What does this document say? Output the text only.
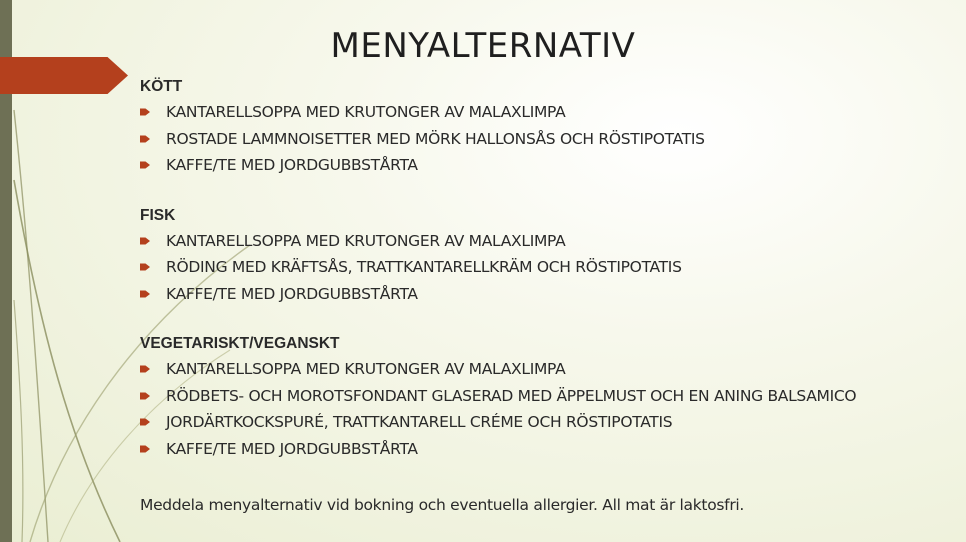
MENYALTERNATIV
KÖTT
KANTARELLSOPPA MED KRUTONGER AV MALAXLIMPA
ROSTADE LAMMNOISETTER MED MÖRK HALLONSÅS OCH RÖSTIPOTATIS
KAFFE/TE MED JORDGUBBSTÅRTA
FISK
KANTARELLSOPPA MED KRUTONGER AV MALAXLIMPA
RÖDING MED KRÄFTSÅS, TRATTKANTARELLKRÄM OCH RÖSTIPOTATIS
KAFFE/TE MED JORDGUBBSTÅRTA
VEGETARISKT/VEGANSKT
KANTARELLSOPPA MED KRUTONGER AV MALAXLIMPA
RÖDBETS- OCH MOROTSFONDANT GLASERAD MED ÄPPELMUST OCH EN ANING BALSAMICO
JORDÄRTKOCKSPURÉ, TRATTKANTARELL CRÉME OCH RÖSTIPOTATIS
KAFFE/TE MED JORDGUBBSTÅRTA
Meddela menyalternativ vid bokning och eventuella allergier. All mat är laktosfri.
